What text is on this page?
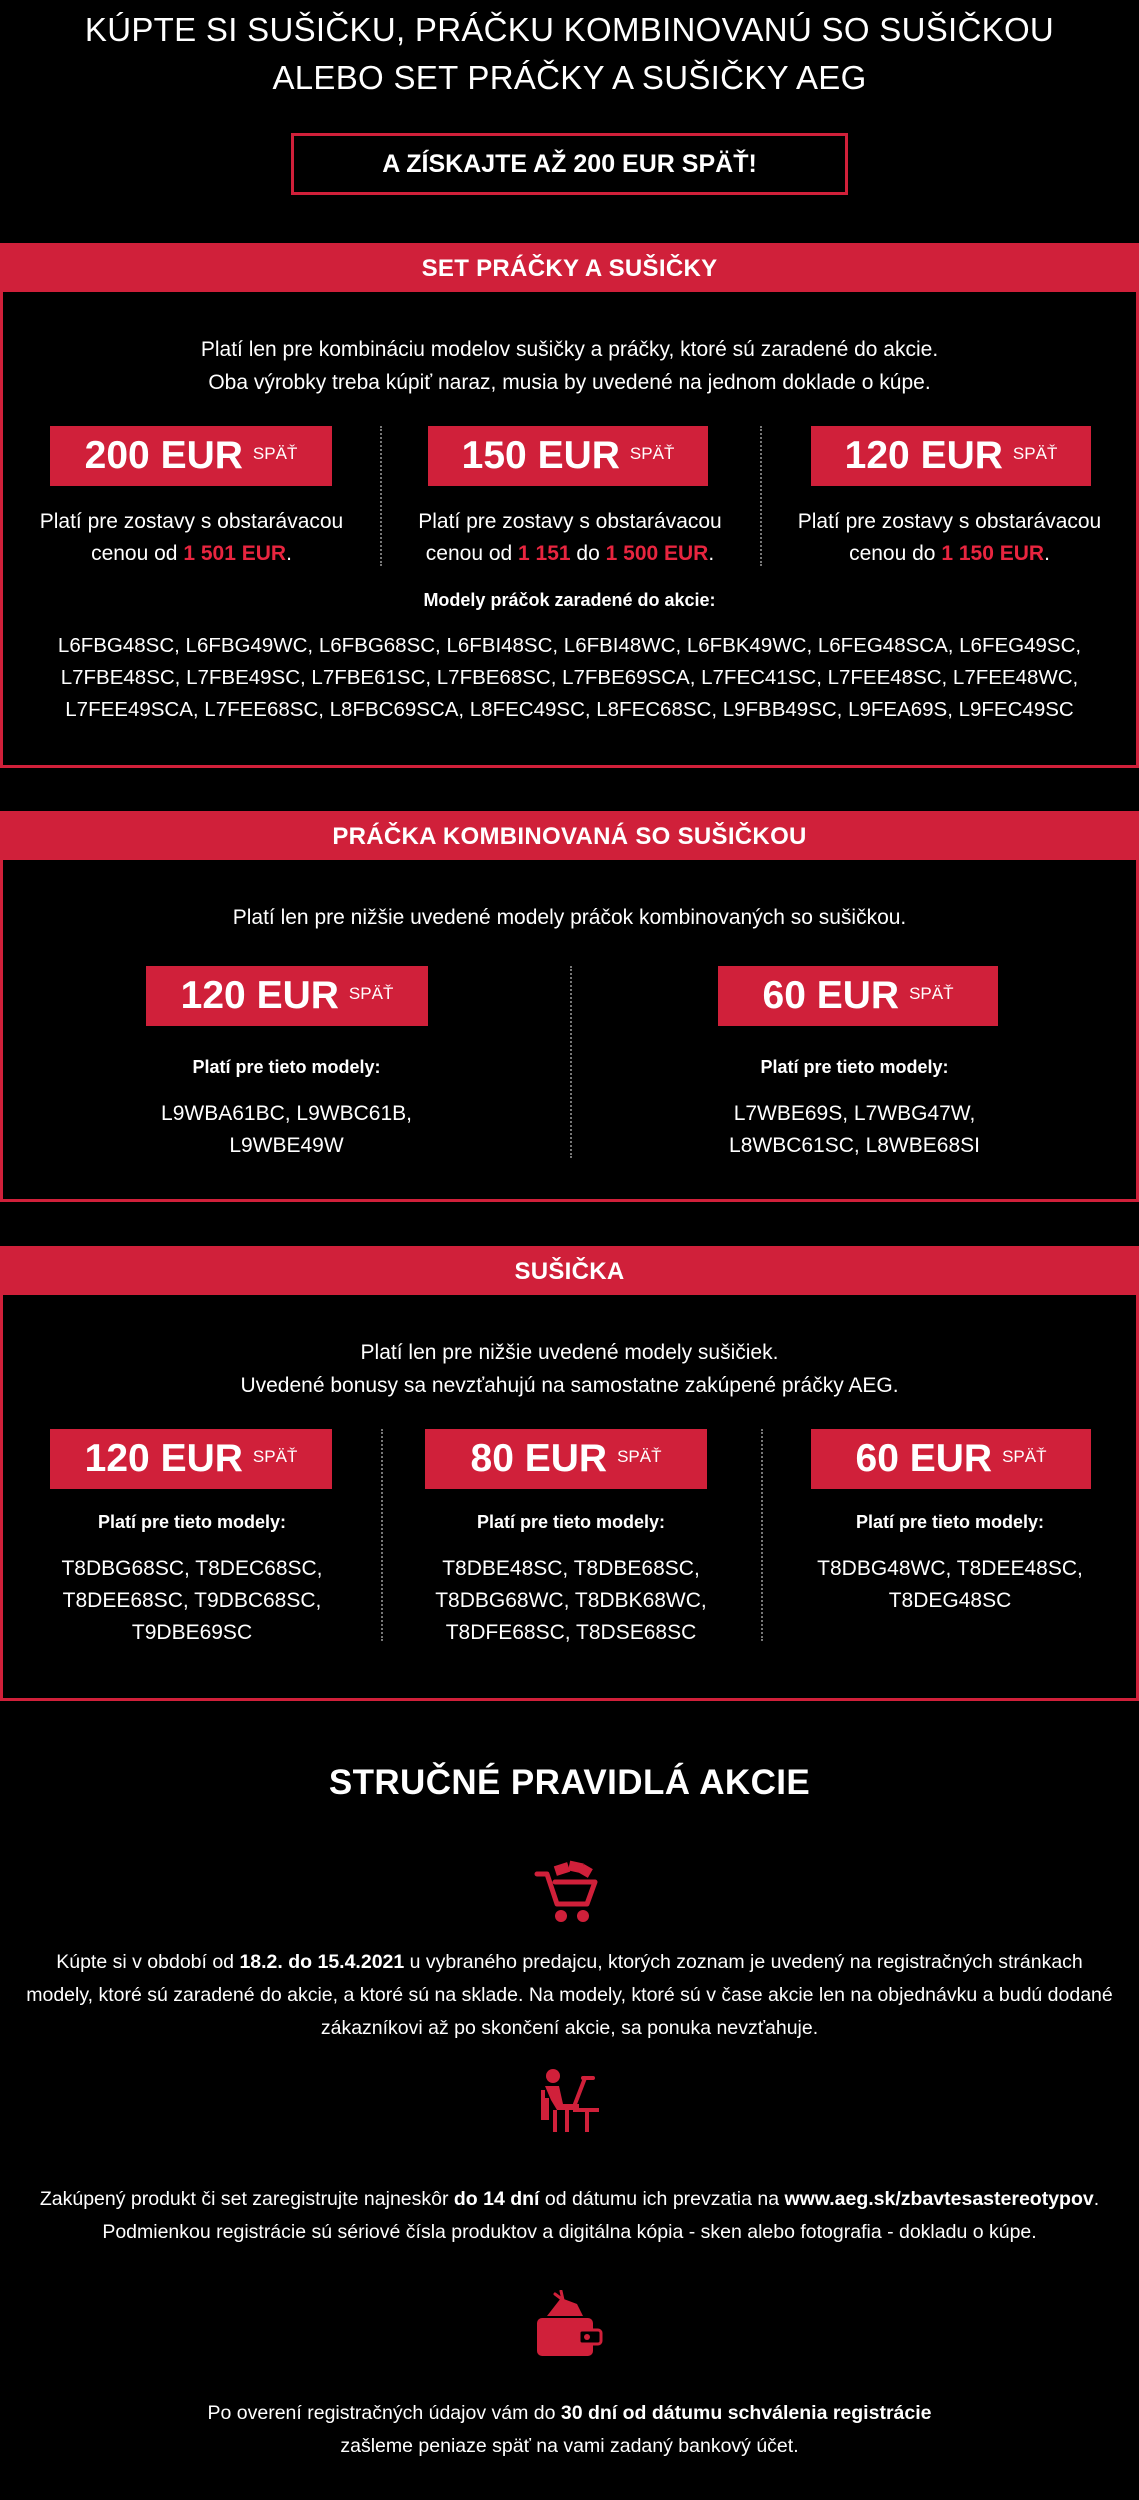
KÚPTE SI SUŠIČKU, PRÁČKU KOMBINOVANÚ SO SUŠIČKOU
ALEBO SET PRÁČKY A SUŠIČKY AEG
A ZÍSKAJTE AŽ 200 EUR SPÄŤ!
SET PRÁČKY A SUŠIČKY
Platí len pre kombináciu modelov sušičky a práčky, ktoré sú zaradené do akcie.
Oba výrobky treba kúpiť naraz, musia by uvedené na jednom doklade o kúpe.
200 EUR SPÄŤ
Platí pre zostavy s obstarávacou
cenou od 1 501 EUR.
150 EUR SPÄŤ
Platí pre zostavy s obstarávacou
cenou od 1 151 do 1 500 EUR.
120 EUR SPÄŤ
Platí pre zostavy s obstarávacou
cenou do 1 150 EUR.
Modely práčok zaradené do akcie:
L6FBG48SC, L6FBG49WC, L6FBG68SC, L6FBI48SC, L6FBI48WC, L6FBK49WC, L6FEG48SCA, L6FEG49SC,
L7FBE48SC, L7FBE49SC, L7FBE61SC, L7FBE68SC, L7FBE69SCA, L7FEC41SC, L7FEE48SC, L7FEE48WC,
L7FEE49SCA, L7FEE68SC, L8FBC69SCA, L8FEC49SC, L8FEC68SC, L9FBB49SC, L9FEA69S, L9FEC49SC
PRÁČKA KOMBINOVANÁ SO SUŠIČKOU
Platí len pre nižšie uvedené modely práčok kombinovaných so sušičkou.
120 EUR SPÄŤ
Platí pre tieto modely:
L9WBA61BC, L9WBC61B,
L9WBE49W
60 EUR SPÄŤ
Platí pre tieto modely:
L7WBE69S, L7WBG47W,
L8WBC61SC, L8WBE68SI
SUŠIČKA
Platí len pre nižšie uvedené modely sušičiek.
Uvedené bonusy sa nevzťahujú na samostatne zakúpené práčky AEG.
120 EUR SPÄŤ
Platí pre tieto modely:
T8DBG68SC, T8DEC68SC,
T8DEE68SC, T9DBC68SC,
T9DBE69SC
80 EUR SPÄŤ
Platí pre tieto modely:
T8DBE48SC, T8DBE68SC,
T8DBG68WC, T8DBK68WC,
T8DFE68SC, T8DSE68SC
60 EUR SPÄŤ
Platí pre tieto modely:
T8DBG48WC, T8DEE48SC,
T8DEG48SC
STRUČNÉ PRAVIDLÁ AKCIE
Kúpte si v období od 18.2. do 15.4.2021 u vybraného predajcu, ktorých zoznam je uvedený na registračných stránkach
modely, ktoré sú zaradené do akcie, a ktoré sú na sklade. Na modely, ktoré sú v čase akcie len na objednávku a budú dodané
zákazníkovi až po skončení akcie, sa ponuka nevzťahuje.
Zakúpený produkt či set zaregistrujte najneskôr do 14 dní od dátumu ich prevzatia na www.aeg.sk/zbavtesastereotypov.
Podmienkou registrácie sú sériové čísla produktov a digitálna kópia - sken alebo fotografia - dokladu o kúpe.
Po overení registračných údajov vám do 30 dní od dátumu schválenia registrácie
zašleme peniaze späť na vami zadaný bankový účet.
